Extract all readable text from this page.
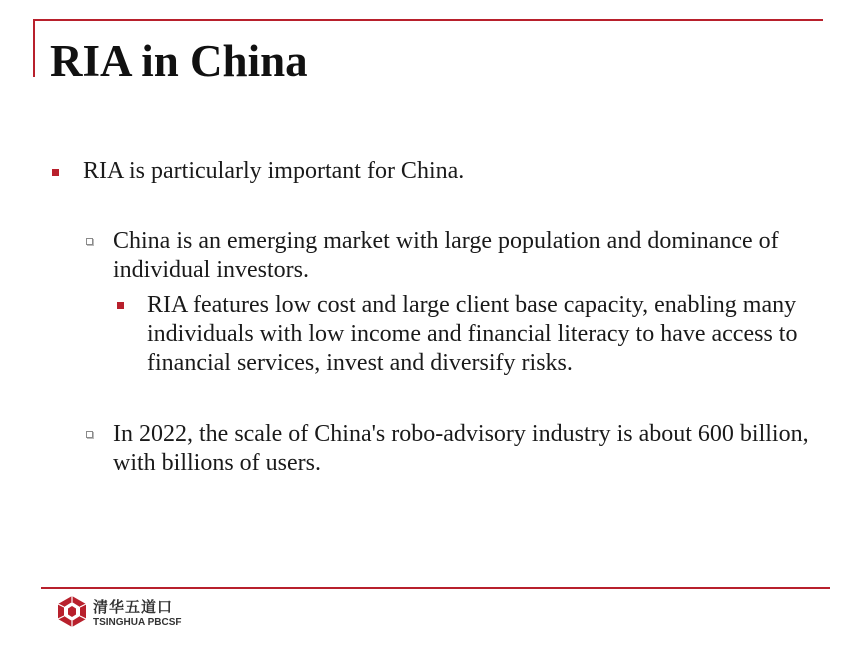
RIA in China
RIA is particularly important for China.
China is an emerging market with large population and dominance of individual investors.
RIA features low cost and large client base capacity, enabling many individuals with low income and financial literacy to have access to financial services, invest and diversify risks.
In 2022, the scale of China's robo-advisory industry is about 600 billion, with billions of users.
清华五道口
TSINGHUA PBCSF
